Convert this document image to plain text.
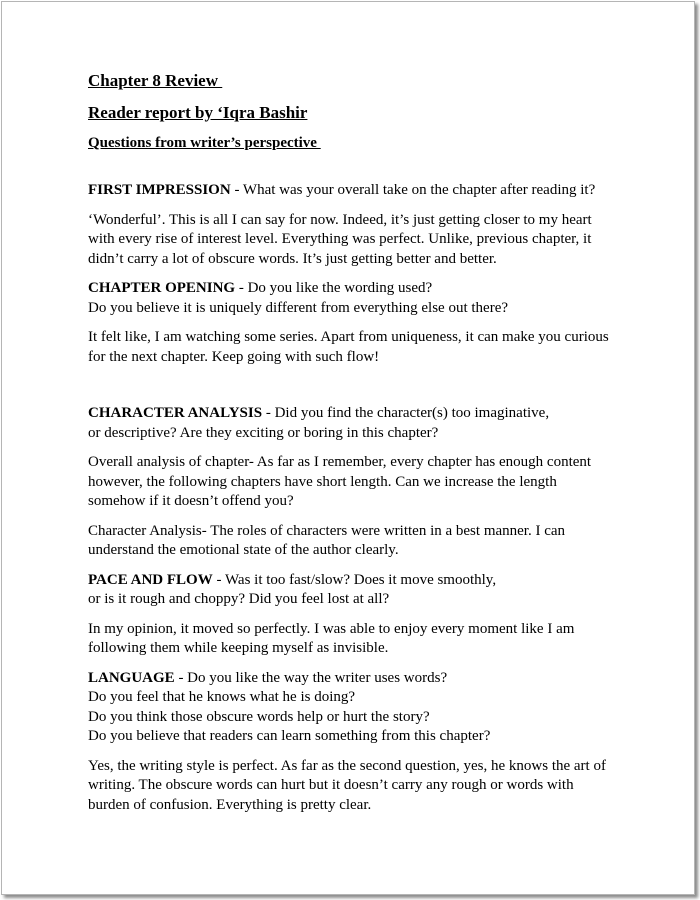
Chapter 8 Review
Reader report by ‘Iqra Bashir
Questions from writer’s perspective

FIRST IMPRESSION - What was your overall take on the chapter after reading it?

‘Wonderful’. This is all I can say for now. Indeed, it’s just getting closer to my heart with every rise of interest level. Everything was perfect. Unlike, previous chapter, it didn’t carry a lot of obscure words. It’s just getting better and better.

CHAPTER OPENING - Do you like the wording used?
Do you believe it is uniquely different from everything else out there?

It felt like, I am watching some series. Apart from uniqueness, it can make you curious for the next chapter. Keep going with such flow!

CHARACTER ANALYSIS - Did you find the character(s) too imaginative,
or descriptive? Are they exciting or boring in this chapter?

Overall analysis of chapter- As far as I remember, every chapter has enough content however, the following chapters have short length. Can we increase the length somehow if it doesn’t offend you?

Character Analysis- The roles of characters were written in a best manner. I can understand the emotional state of the author clearly.

PACE AND FLOW - Was it too fast/slow? Does it move smoothly,
or is it rough and choppy? Did you feel lost at all?

In my opinion, it moved so perfectly. I was able to enjoy every moment like I am following them while keeping myself as invisible.

LANGUAGE - Do you like the way the writer uses words?
Do you feel that he knows what he is doing?
Do you think those obscure words help or hurt the story?
Do you believe that readers can learn something from this chapter?

Yes, the writing style is perfect. As far as the second question, yes, he knows the art of writing. The obscure words can hurt but it doesn’t carry any rough or words with burden of confusion. Everything is pretty clear.
